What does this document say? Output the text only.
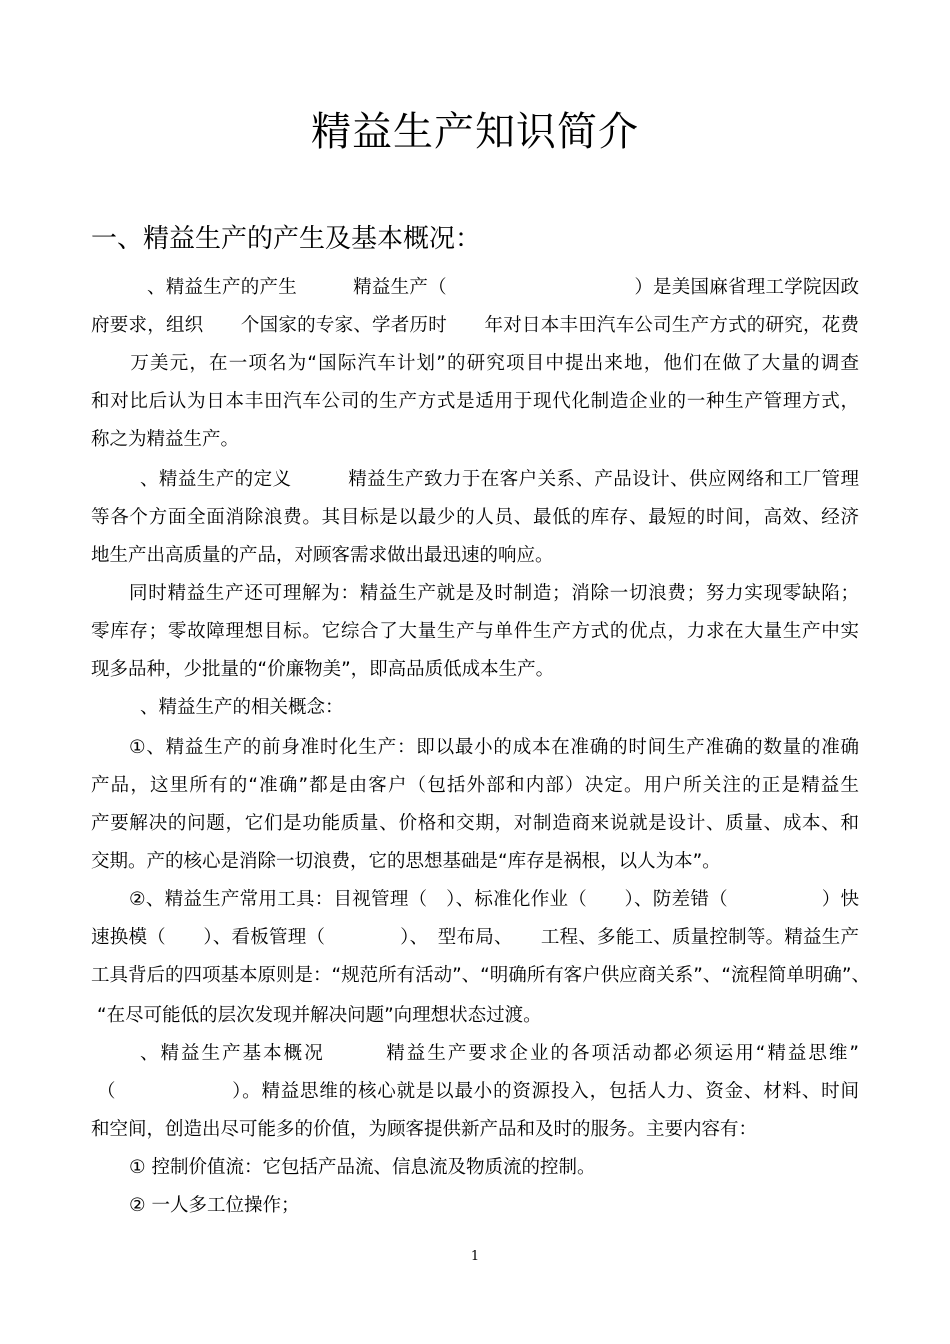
精益生产知识简介
一、精益生产的产生及基本概况：
、精益生产的产生　　　精益生产（　　　　　　　　　　）是美国麻省理工学院因政
府要求，组织　　个国家的专家、学者历时　　年对日本丰田汽车公司生产方式的研究，花费
　　万美元，在一项名为“国际汽车计划”的研究项目中提出来地，他们在做了大量的调查
和对比后认为日本丰田汽车公司的生产方式是适用于现代化制造企业的一种生产管理方式，
称之为精益生产。
、精益生产的定义　　　精益生产致力于在客户关系、产品设计、供应网络和工厂管理
等各个方面全面消除浪费。其目标是以最少的人员、最低的库存、最短的时间，高效、经济
地生产出高质量的产品，对顾客需求做出最迅速的响应。
同时精益生产还可理解为：精益生产就是及时制造；消除一切浪费；努力实现零缺陷；
零库存；零故障理想目标。它综合了大量生产与单件生产方式的优点，力求在大量生产中实
现多品种，少批量的“价廉物美”，即高品质低成本生产。
、精益生产的相关概念：
①、精益生产的前身准时化生产：即以最小的成本在准确的时间生产准确的数量的准确
产品，这里所有的“准确”都是由客户（包括外部和内部）决定。用户所关注的正是精益生
产要解决的问题，它们是功能质量、价格和交期，对制造商来说就是设计、质量、成本、和
交期。产的核心是消除一切浪费，它的思想基础是“库存是祸根，以人为本”。
②、精益生产常用工具：目视管理（　）、标准化作业（　　）、防差错（　　　　　）快
速换模（　　）、看板管理（　　　　）、　型布局、　　工程、多能工、质量控制等。精益生产
工具背后的四项基本原则是：“规范所有活动”、“明确所有客户供应商关系”、“流程简单明确”、
“在尽可能低的层次发现并解决问题”向理想状态过渡。
、精益生产基本概况　　　精益生产要求企业的各项活动都必须运用“精益思维”
（　　　　　　）。精益思维的核心就是以最小的资源投入，包括人力、资金、材料、时间
和空间，创造出尽可能多的价值，为顾客提供新产品和及时的服务。主要内容有：
① 控制价值流：它包括产品流、信息流及物质流的控制。
② 一人多工位操作；
1
